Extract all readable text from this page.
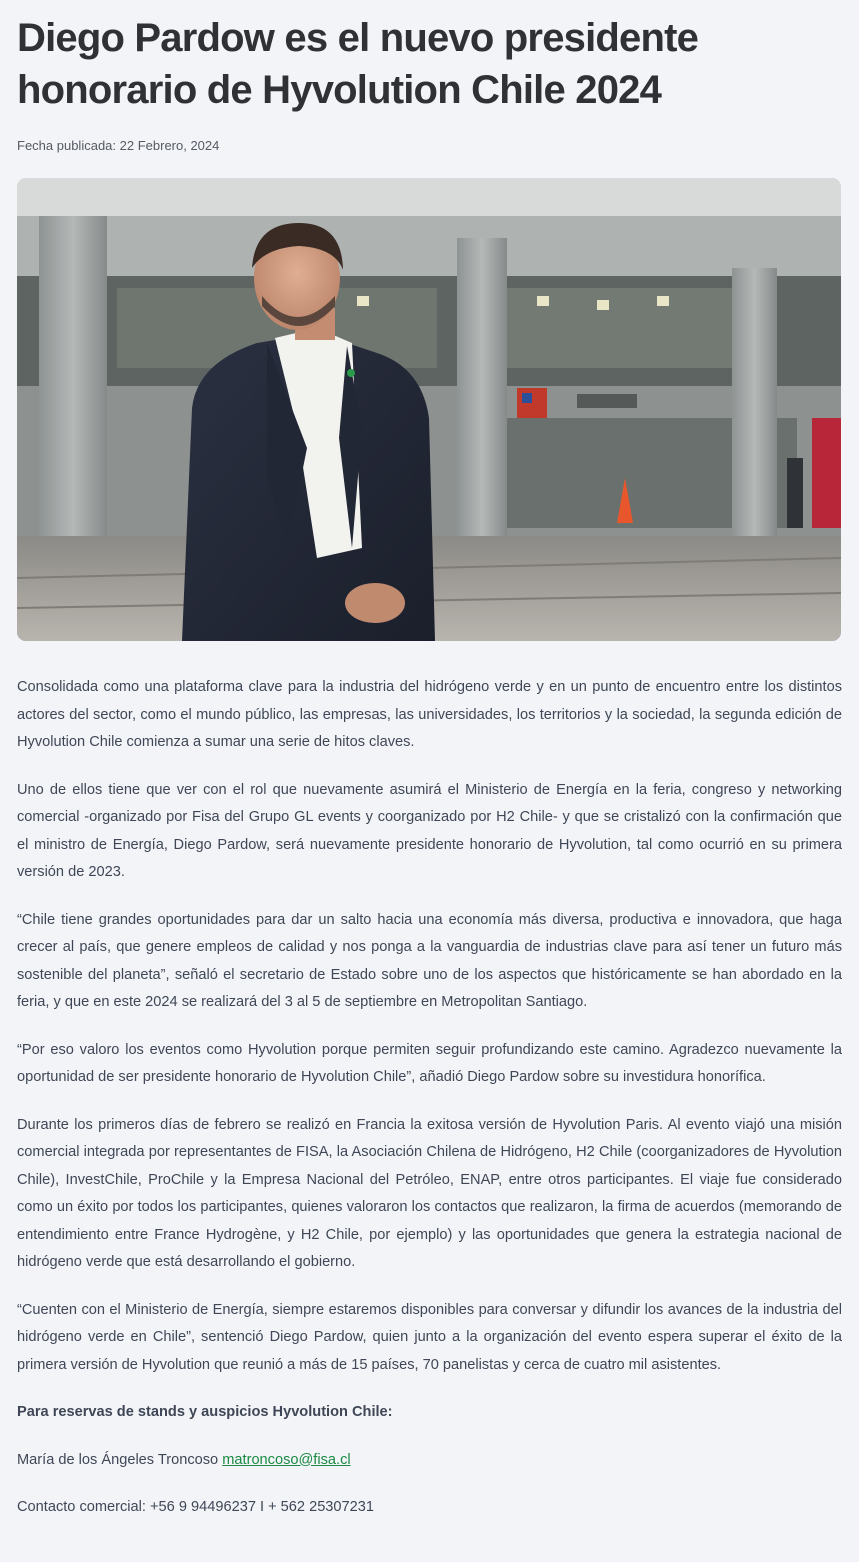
Diego Pardow es el nuevo presidente honorario de Hyvolution Chile 2024
Fecha publicada: 22 Febrero, 2024

Consolidada como una plataforma clave para la industria del hidrógeno verde y en un punto de encuentro entre los distintos actores del sector, como el mundo público, las empresas, las universidades, los territorios y la sociedad, la segunda edición de Hyvolution Chile comienza a sumar una serie de hitos claves.

Uno de ellos tiene que ver con el rol que nuevamente asumirá el Ministerio de Energía en la feria, congreso y networking comercial -organizado por Fisa del Grupo GL events y coorganizado por H2 Chile- y que se cristalizó con la confirmación que el ministro de Energía, Diego Pardow, será nuevamente presidente honorario de Hyvolution, tal como ocurrió en su primera versión de 2023.

“Chile tiene grandes oportunidades para dar un salto hacia una economía más diversa, productiva e innovadora, que haga crecer al país, que genere empleos de calidad y nos ponga a la vanguardia de industrias clave para así tener un futuro más sostenible del planeta”, señaló el secretario de Estado sobre uno de los aspectos que históricamente se han abordado en la feria, y que en este 2024 se realizará del 3 al 5 de septiembre en Metropolitan Santiago.

“Por eso valoro los eventos como Hyvolution porque permiten seguir profundizando este camino. Agradezco nuevamente la oportunidad de ser presidente honorario de Hyvolution Chile”, añadió Diego Pardow sobre su investidura honorífica.

Durante los primeros días de febrero se realizó en Francia la exitosa versión de Hyvolution Paris. Al evento viajó una misión comercial integrada por representantes de FISA, la Asociación Chilena de Hidrógeno, H2 Chile (coorganizadores de Hyvolution Chile), InvestChile, ProChile y la Empresa Nacional del Petróleo, ENAP, entre otros participantes. El viaje fue considerado como un éxito por todos los participantes, quienes valoraron los contactos que realizaron, la firma de acuerdos (memorando de entendimiento entre France Hydrogène, y H2 Chile, por ejemplo) y las oportunidades que genera la estrategia nacional de hidrógeno verde que está desarrollando el gobierno.

“Cuenten con el Ministerio de Energía, siempre estaremos disponibles para conversar y difundir los avances de la industria del hidrógeno verde en Chile”, sentenció Diego Pardow, quien junto a la organización del evento espera superar el éxito de la primera versión de Hyvolution que reunió a más de 15 países, 70 panelistas y cerca de cuatro mil asistentes.

Para reservas de stands y auspicios Hyvolution Chile:

María de los Ángeles Troncoso matroncoso@fisa.cl

Contacto comercial: +56 9 94496237 I + 562 25307231
